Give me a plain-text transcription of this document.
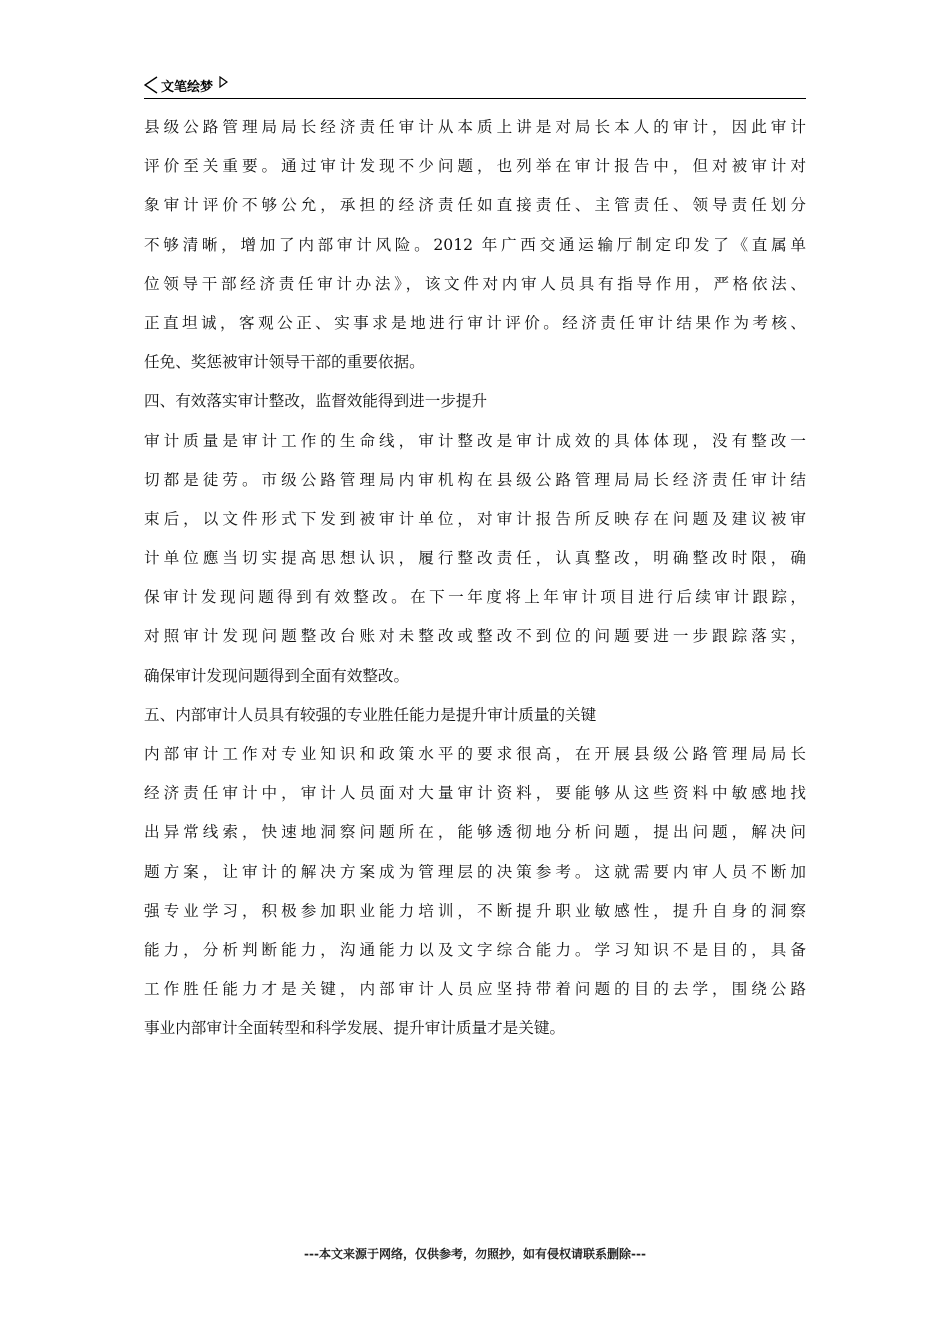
文笔绘梦
县级公路管理局局长经济责任审计从本质上讲是对局长本人的审计，因此审计
评价至关重要。通过审计发现不少问题，也列举在审计报告中，但对被审计对
象审计评价不够公允，承担的经济责任如直接责任、主管责任、领导责任划分
不够清晰，增加了内部审计风险。2012 年广西交通运输厅制定印发了《直属单
位领导干部经济责任审计办法》，该文件对内审人员具有指导作用，严格依法、
正直坦诚，客观公正、实事求是地进行审计评价。经济责任审计结果作为考核、
任免、奖惩被审计领导干部的重要依据。
四、有效落实审计整改，监督效能得到进一步提升
审计质量是审计工作的生命线，审计整改是审计成效的具体体现，没有整改一
切都是徒劳。市级公路管理局内审机构在县级公路管理局局长经济责任审计结
束后，以文件形式下发到被审计单位，对审计报告所反映存在问题及建议被审
计单位應当切实提高思想认识，履行整改责任，认真整改，明确整改时限，确
保审计发现问题得到有效整改。在下一年度将上年审计项目进行后续审计跟踪，
对照审计发现问题整改台账对未整改或整改不到位的问题要进一步跟踪落实，
确保审计发现问题得到全面有效整改。
五、内部审计人员具有较强的专业胜任能力是提升审计质量的关键
内部审计工作对专业知识和政策水平的要求很高，在开展县级公路管理局局长
经济责任审计中，审计人员面对大量审计资料，要能够从这些资料中敏感地找
出异常线索，快速地洞察问题所在，能够透彻地分析问题，提出问题，解决问
题方案，让审计的解决方案成为管理层的决策参考。这就需要内审人员不断加
强专业学习，积极参加职业能力培训，不断提升职业敏感性，提升自身的洞察
能力，分析判断能力，沟通能力以及文字综合能力。学习知识不是目的，具备
工作胜任能力才是关键，内部审计人员应坚持带着问题的目的去学，围绕公路
事业内部审计全面转型和科学发展、提升审计质量才是关键。
---本文来源于网络，仅供参考，勿照抄，如有侵权请联系删除---
